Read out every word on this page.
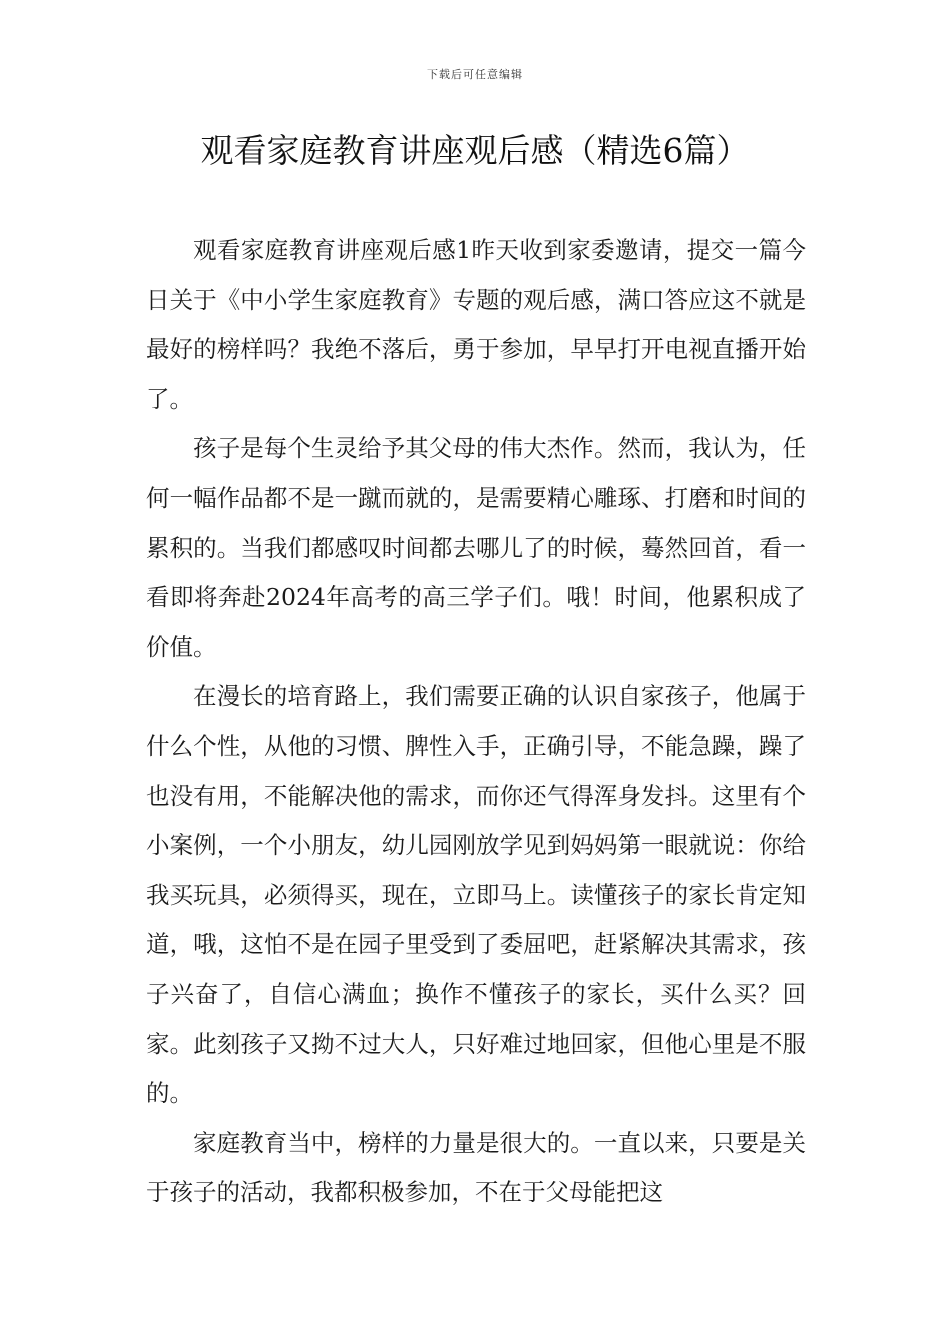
下载后可任意编辑
观看家庭教育讲座观后感（精选6篇）

观看家庭教育讲座观后感1昨天收到家委邀请，提交一篇今日关于《中小学生家庭教育》专题的观后感，满口答应这不就是最好的榜样吗？我绝不落后，勇于参加，早早打开电视直播开始了。

孩子是每个生灵给予其父母的伟大杰作。然而，我认为，任何一幅作品都不是一蹴而就的，是需要精心雕琢、打磨和时间的累积的。当我们都感叹时间都去哪儿了的时候，蓦然回首，看一看即将奔赴2024年高考的高三学子们。哦！时间，他累积成了价值。

在漫长的培育路上，我们需要正确的认识自家孩子，他属于什么个性，从他的习惯、脾性入手，正确引导，不能急躁，躁了也没有用，不能解决他的需求，而你还气得浑身发抖。这里有个小案例，一个小朋友，幼儿园刚放学见到妈妈第一眼就说：你给我买玩具，必须得买，现在，立即马上。读懂孩子的家长肯定知道，哦，这怕不是在园子里受到了委屈吧，赶紧解决其需求，孩子兴奋了，自信心满血；换作不懂孩子的家长，买什么买？回家。此刻孩子又拗不过大人，只好难过地回家，但他心里是不服的。

家庭教育当中，榜样的力量是很大的。一直以来，只要是关于孩子的活动，我都积极参加，不在于父母能把这
